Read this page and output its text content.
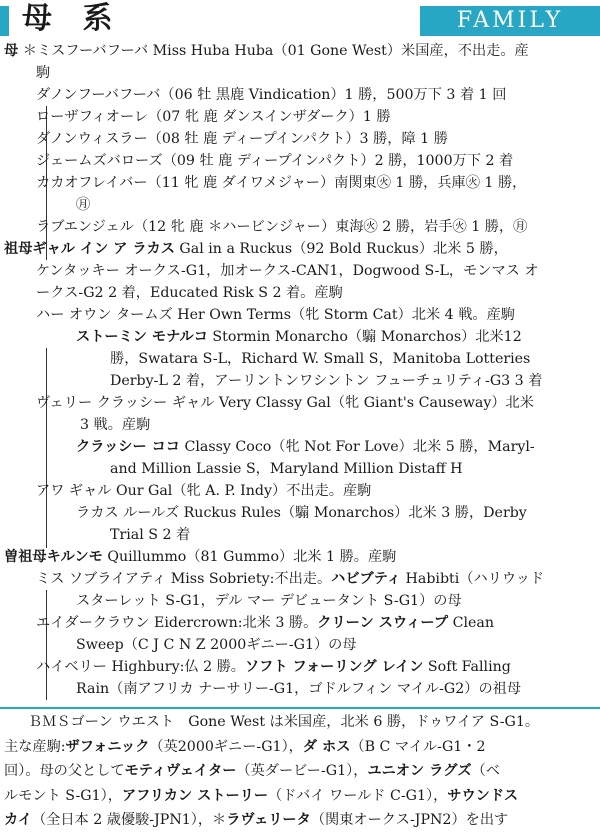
母 系	FAMILY
母 ＊ミスフーバフーバ Miss Huba Huba（01 Gone West）米国産，不出走。産
駒
ダノンフーバフーバ（06 牡 黒鹿 Vindication）1 勝，500万下 3 着 1 回
ローザフィオーレ（07 牝 鹿 ダンスインザダーク）1 勝
ダノンウィスラー（08 牡 鹿 ディープインパクト）3 勝，障 1 勝
ジェームズバローズ（09 牡 鹿 ディープインパクト）2 勝，1000万下 2 着
カカオフレイバー（11 牝 鹿 ダイワメジャー）南関東㊋ 1 勝，兵庫㊋ 1 勝，
㊊
ラブエンジェル（12 牝 鹿 ＊ハービンジャー）東海㊋ 2 勝，岩手㊋ 1 勝，㊊
祖母ギャル イン ア ラカス Gal in a Ruckus（92 Bold Ruckus）北米 5 勝，
ケンタッキー オークス-G1，加オークス-CAN1，Dogwood S-L，モンマス オ
ークス-G2 2 着，Educated Risk S 2 着。産駒
ハー オウン タームズ Her Own Terms（牝 Storm Cat）北米 4 戦。産駒
ストーミン モナルコ Stormin Monarcho（騸 Monarchos）北米12
勝，Swatara S-L，Richard W. Small S，Manitoba Lotteries
Derby-L 2 着，アーリントンワシントン フューチュリティ-G3 3 着
ヴェリー クラッシー ギャル Very Classy Gal（牝 Giant's Causeway）北米
3 戦。産駒
クラッシー ココ Classy Coco（牝 Not For Love）北米 5 勝，Maryl-
and Million Lassie S，Maryland Million Distaff H
アワ ギャル Our Gal（牝 A. P. Indy）不出走。産駒
ラカス ルールズ Ruckus Rules（騸 Monarchos）北米 3 勝，Derby
Trial S 2 着
曽祖母キルンモ Quillummo（81 Gummo）北米 1 勝。産駒
ミス ソブライアティ Miss Sobriety:不出走。ハビブティ Habibti（ハリウッド
スターレット S-G1，デル マー デビュータント S-G1）の母
エイダークラウン Eidercrown:北米 3 勝。クリーン スウィープ Clean
Sweep（C J C N Z 2000ギニー-G1）の母
ハイベリー Highbury:仏 2 勝。ソフト フォーリング レイン Soft Falling
Rain（南アフリカ ナーサリー-G1，ゴドルフィン マイル-G2）の祖母
ＢＭＳゴーン ウエスト　Gone West は米国産，北米 6 勝，ドゥワイア S-G1。
主な産駒:ザフォニック（英2000ギニー-G1），ダ ホス（B C マイル-G1・2
回）。母の父としてモティヴェイター（英ダービー-G1），ユニオン ラグズ（ベ
ルモント S-G1），アフリカン ストーリー（ドバイ ワールド C-G1），サウンドス
カイ（全日本 2 歳優駿-JPN1），＊ラヴェリータ（関東オークス-JPN2）を出す
